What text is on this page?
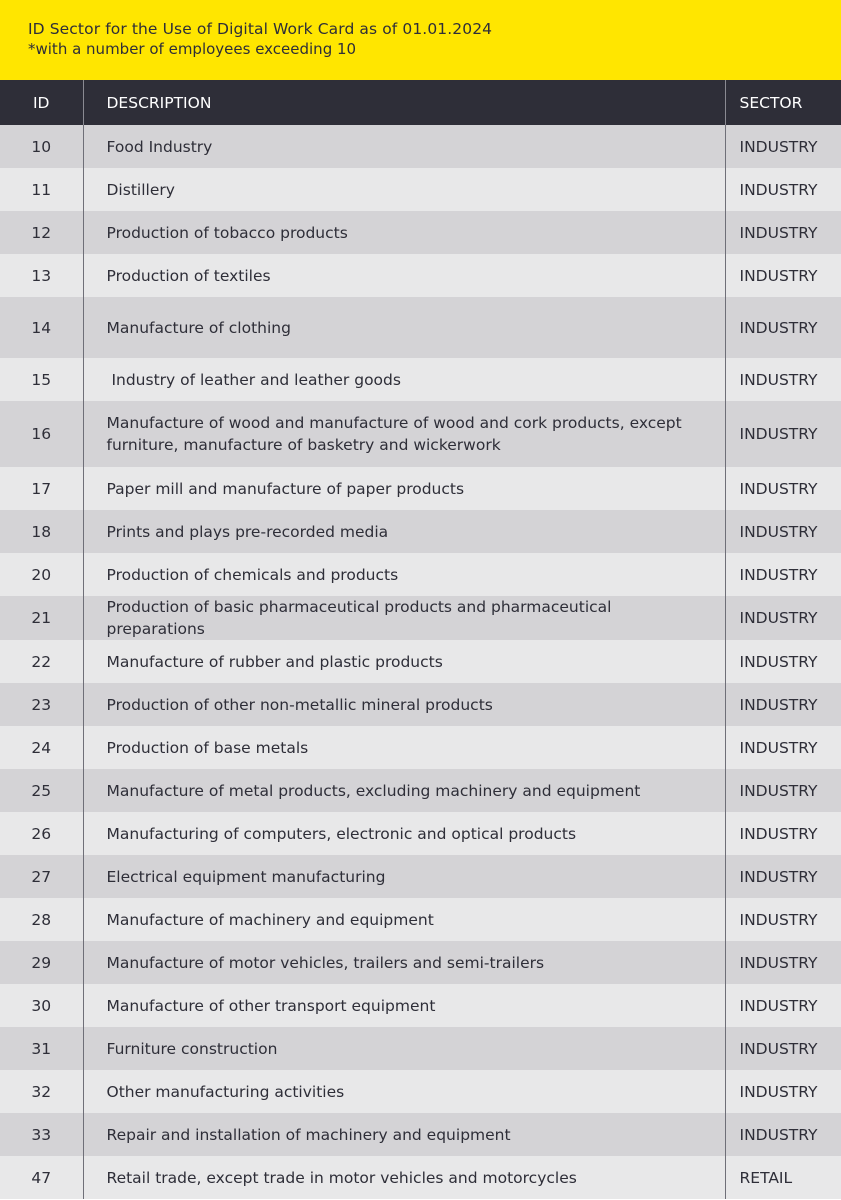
ID Sector for the Use of Digital Work Card as of 01.01.2024
*with a number of employees exceeding 10
ID	DESCRIPTION	SECTOR
10	Food Industry	INDUSTRY
11	Distillery	INDUSTRY
12	Production of tobacco products	INDUSTRY
13	Production of textiles	INDUSTRY
14	Manufacture of clothing	INDUSTRY
15	Industry of leather and leather goods	INDUSTRY
16	Manufacture of wood and manufacture of wood and cork products, except furniture, manufacture of basketry and wickerwork	INDUSTRY
17	Paper mill and manufacture of paper products	INDUSTRY
18	Prints and plays pre-recorded media	INDUSTRY
20	Production of chemicals and products	INDUSTRY
21	Production of basic pharmaceutical products and pharmaceutical preparations	INDUSTRY
22	Manufacture of rubber and plastic products	INDUSTRY
23	Production of other non-metallic mineral products	INDUSTRY
24	Production of base metals	INDUSTRY
25	Manufacture of metal products, excluding machinery and equipment	INDUSTRY
26	Manufacturing of computers, electronic and optical products	INDUSTRY
27	Electrical equipment manufacturing	INDUSTRY
28	Manufacture of machinery and equipment	INDUSTRY
29	Manufacture of motor vehicles, trailers and semi-trailers	INDUSTRY
30	Manufacture of other transport equipment	INDUSTRY
31	Furniture construction	INDUSTRY
32	Other manufacturing activities	INDUSTRY
33	Repair and installation of machinery and equipment	INDUSTRY
47	Retail trade, except trade in motor vehicles and motorcycles	RETAIL
